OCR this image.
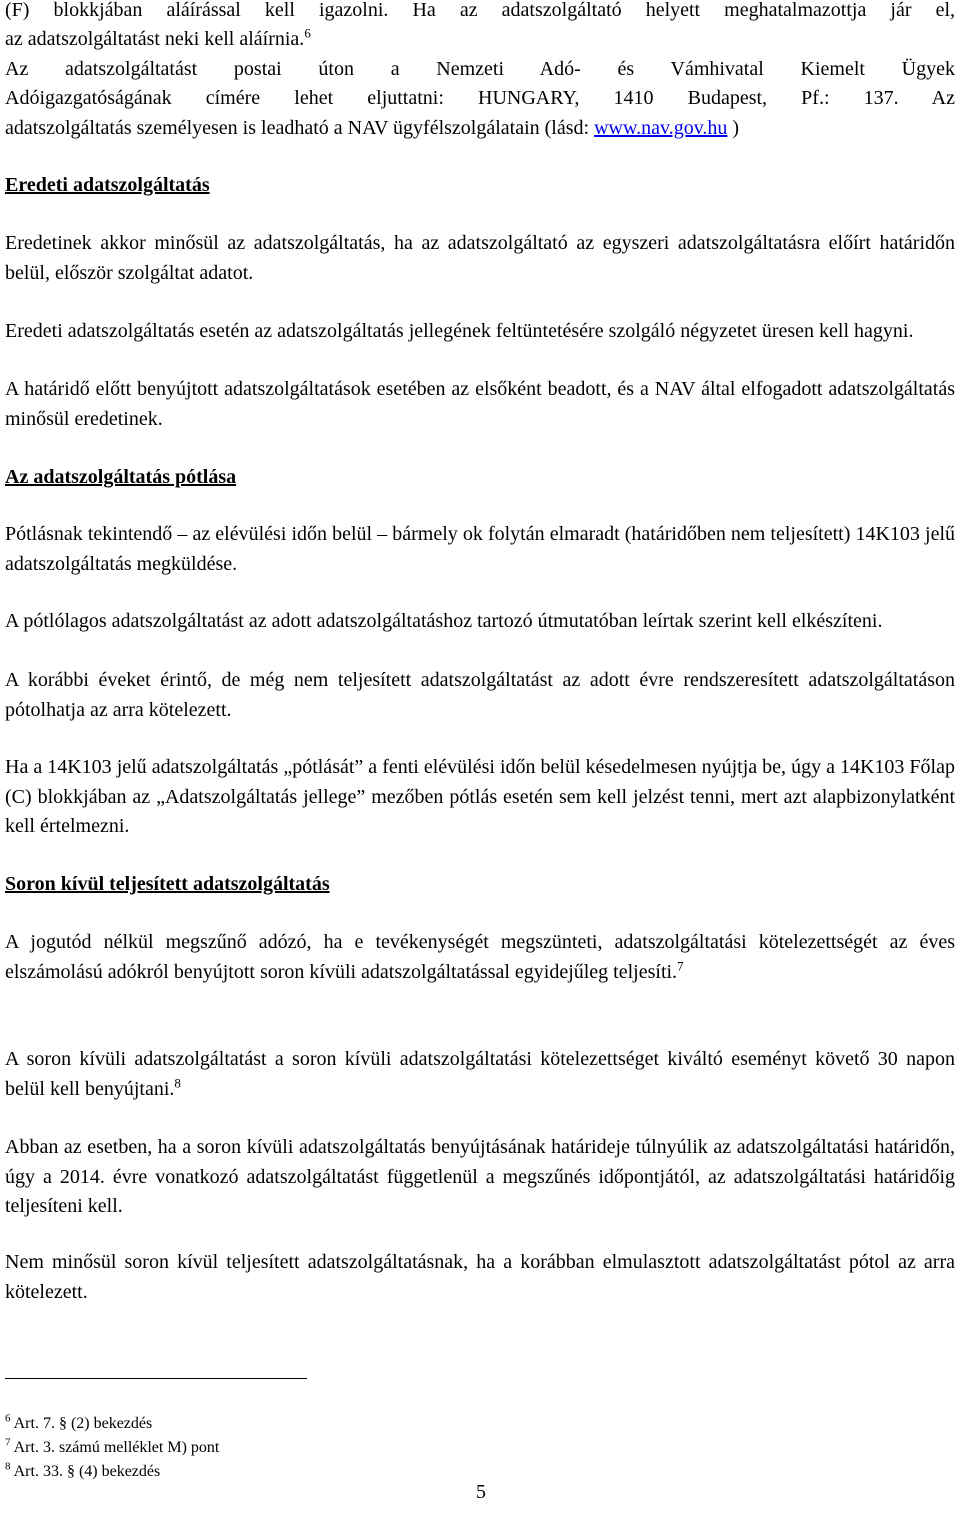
(F) blokkjában aláírással kell igazolni. Ha az adatszolgáltató helyett meghatalmazottja jár el,
az adatszolgáltatást neki kell aláírnia.$^6$
Az adatszolgáltatást postai úton a Nemzeti Adó- és Vámhivatal Kiemelt Ügyek
Adóigazgatóságának címére lehet eljuttatni: HUNGARY, 1410 Budapest, Pf.: 137. Az
adatszolgáltatás személyesen is leadható a NAV ügyfélszolgálatain (lásd: www.nav.gov.hu )
Eredeti adatszolgáltatás
Eredetinek akkor minősül az adatszolgáltatás, ha az adatszolgáltató az egyszeri adatszolgáltatásra előírt határidőn belül, először szolgáltat adatot.
Eredeti adatszolgáltatás esetén az adatszolgáltatás jellegének feltüntetésére szolgáló négyzetet üresen kell hagyni.
A határidő előtt benyújtott adatszolgáltatások esetében az elsőként beadott, és a NAV által elfogadott adatszolgáltatás minősül eredetinek.
Az adatszolgáltatás pótlása
Pótlásnak tekintendő – az elévülési időn belül – bármely ok folytán elmaradt (határidőben nem teljesített) 14K103 jelű adatszolgáltatás megküldése.
A pótlólagos adatszolgáltatást az adott adatszolgáltatáshoz tartozó útmutatóban leírtak szerint kell elkészíteni.
A korábbi éveket érintő, de még nem teljesített adatszolgáltatást az adott évre rendszeresített adatszolgáltatáson pótolhatja az arra kötelezett.
Ha a 14K103 jelű adatszolgáltatás „pótlását” a fenti elévülési időn belül késedelmesen nyújtja be, úgy a 14K103 Főlap (C) blokkjában az „Adatszolgáltatás jellege” mezőben pótlás esetén sem kell jelzést tenni, mert azt alapbizonylatként kell értelmezni.
Soron kívül teljesített adatszolgáltatás
A jogutód nélkül megszűnő adózó, ha e tevékenységét megszünteti, adatszolgáltatási kötelezettségét az éves elszámolású adókról benyújtott soron kívüli adatszolgáltatással egyidejűleg teljesíti.$^7$
A soron kívüli adatszolgáltatást a soron kívüli adatszolgáltatási kötelezettséget kiváltó eseményt követő 30 napon belül kell benyújtani.$^8$
Abban az esetben, ha a soron kívüli adatszolgáltatás benyújtásának határideje túlnyúlik az adatszolgáltatási határidőn, úgy a 2014. évre vonatkozó adatszolgáltatást függetlenül a megszűnés időpontjától, az adatszolgáltatási határidőig teljesíteni kell.
Nem minősül soron kívül teljesített adatszolgáltatásnak, ha a korábban elmulasztott adatszolgáltatást pótol az arra kötelezett.
$^6$ Art. 7. § (2) bekezdés
$^7$ Art. 3. számú melléklet M) pont
$^8$ Art. 33. § (4) bekezdés
5
